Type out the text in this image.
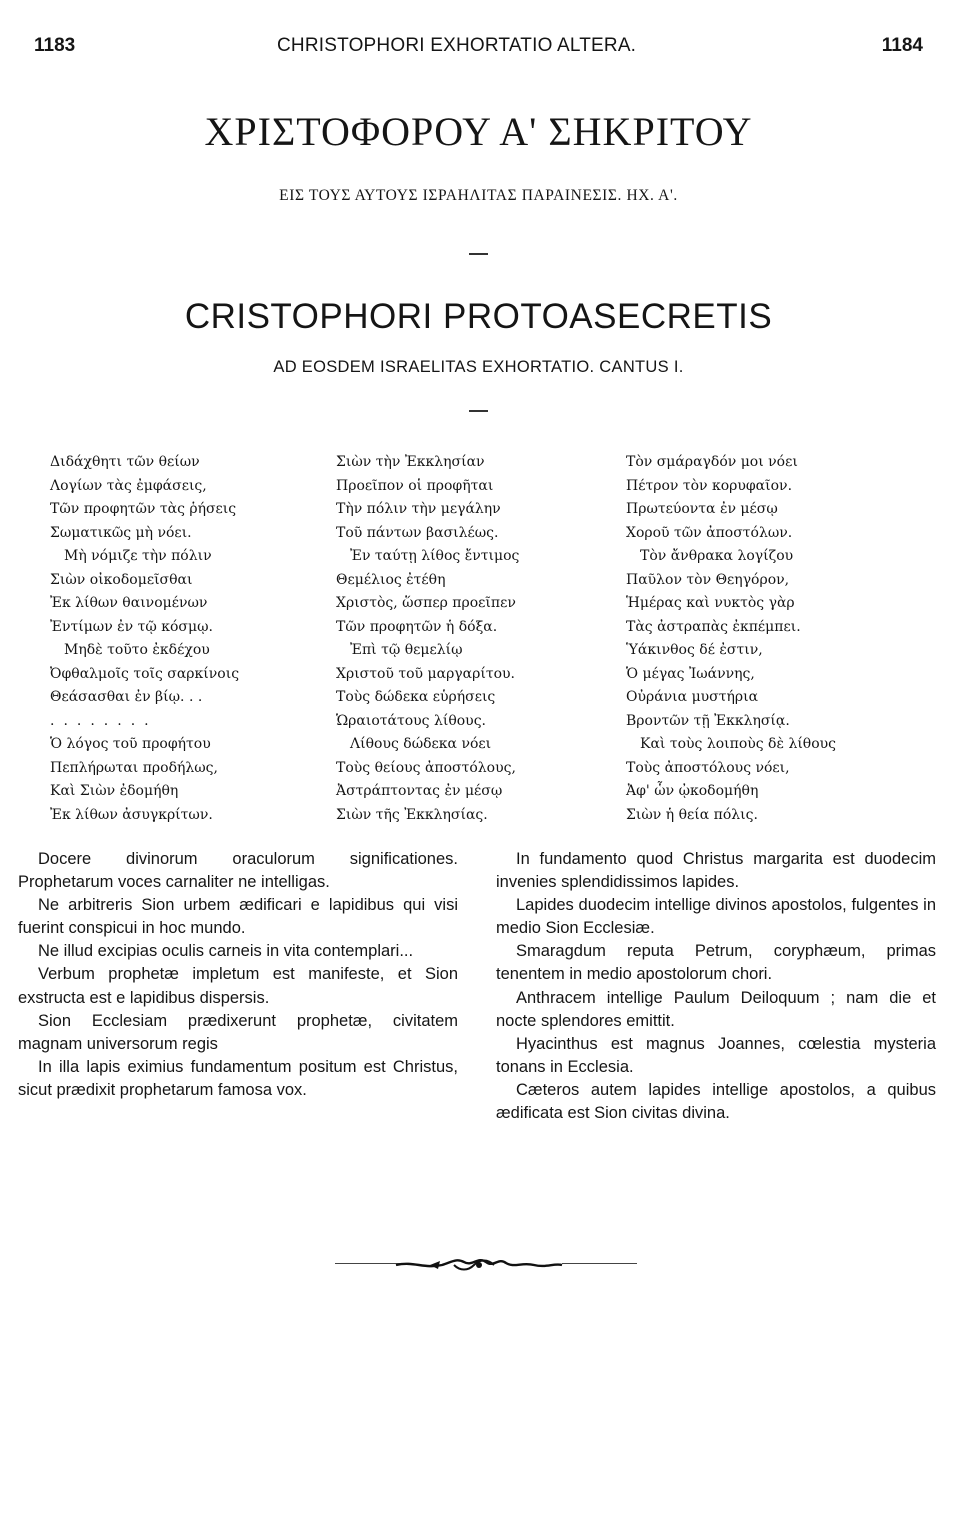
1183	CHRISTOPHORI EXHORTATIO ALTERA.	1184
ΧΡΙΣΤΟΦΟΡΟΥ Α' ΣΗΚΡΙΤΟΥ
ΕΙΣ ΤΟΥΣ ΑΥΤΟΥΣ ΙΣΡΑΗΛΙΤΑΣ ΠΑΡΑΙΝΕΣΙΣ. ΗΧ. Α'.
CRISTOPHORI PROTOASECRETIS
AD EOSDEM ISRAELITAS EXHORTATIO. CANTUS I.
Διδάχθητι τῶν θείων
Λογίων τὰς ἐμφάσεις,
Τῶν προφητῶν τὰς ῥήσεις
Σωματικῶς μὴ νόει.
Μὴ νόμιζε τὴν πόλιν
Σιὼν οἰκοδομεῖσθαι
Ἐκ λίθων θαινομένων
Ἐντίμων ἐν τῷ κόσμῳ.
Μηδὲ τοῦτο ἐκδέχου
Ὀφθαλμοῖς τοῖς σαρκίνοις
Θεάσασθαι ἐν βίῳ. . .
........
Ὁ λόγος τοῦ προφήτου
Πεπλήρωται προδήλως,
Καὶ Σιὼν ἐδομήθη
Ἐκ λίθων ἀσυγκρίτων.
Σιὼν τὴν Ἐκκλησίαν
Προεῖπον οἱ προφῆται
Τὴν πόλιν τὴν μεγάλην
Τοῦ πάντων βασιλέως.
Ἐν ταύτῃ λίθος ἔντιμος
Θεμέλιος ἐτέθη
Χριστὸς, ὥσπερ προεῖπεν
Τῶν προφητῶν ἡ δόξα.
Ἐπὶ τῷ θεμελίῳ
Χριστοῦ τοῦ μαργαρίτου.
Τοὺς δώδεκα εὑρήσεις
Ὡραιοτάτους λίθους.
Λίθους δώδεκα νόει
Τοὺς θείους ἀποστόλους,
Ἀστράπτοντας ἐν μέσῳ
Σιὼν τῆς Ἐκκλησίας.
Τὸν σμάραγδόν μοι νόει
Πέτρον τὸν κορυφαῖον.
Πρωτεύοντα ἐν μέσῳ
Χοροῦ τῶν ἀποστόλων.
Τὸν ἄνθρακα λογίζου
Παῦλον τὸν Θεηγόρον,
Ἡμέρας καὶ νυκτὸς γὰρ
Τὰς ἀστραπὰς ἐκπέμπει.
Ὑάκινθος δέ ἐστιν,
Ὁ μέγας Ἰωάννης,
Οὐράνια μυστήρια
Βροντῶν τῇ Ἐκκλησίᾳ.
Καὶ τοὺς λοιποὺς δὲ λίθους
Τοὺς ἀποστόλους νόει,
Ἀφ' ὧν ᾠκοδομήθη
Σιὼν ἡ θεία πόλις.

Docere divinorum oraculorum significationes. Prophetarum voces carnaliter ne intelligas.

Ne arbitreris Sion urbem ædificari e lapidibus qui visi fuerint conspicui in hoc mundo.

Ne illud excipias oculis carneis in vita contemplari...

Verbum prophetæ impletum est manifeste, et Sion exstructa est e lapidibus dispersis.

Sion Ecclesiam prædixerunt prophetæ, civitatem magnam universorum regis

In illa lapis eximius fundamentum positum est Christus, sicut prædixit prophetarum famosa vox.

In fundamento quod Christus margarita est duodecim invenies splendidissimos lapides.

Lapides duodecim intellige divinos apostolos, fulgentes in medio Sion Ecclesiæ.

Smaragdum reputa Petrum, coryphæum, primas tenentem in medio apostolorum chori.

Anthracem intellige Paulum Deiloquum ; nam die et nocte splendores emittit.

Hyacinthus est magnus Joannes, cœlestia mysteria tonans in Ecclesia.

Cæteros autem lapides intellige apostolos, a quibus ædificata est Sion civitas divina.
